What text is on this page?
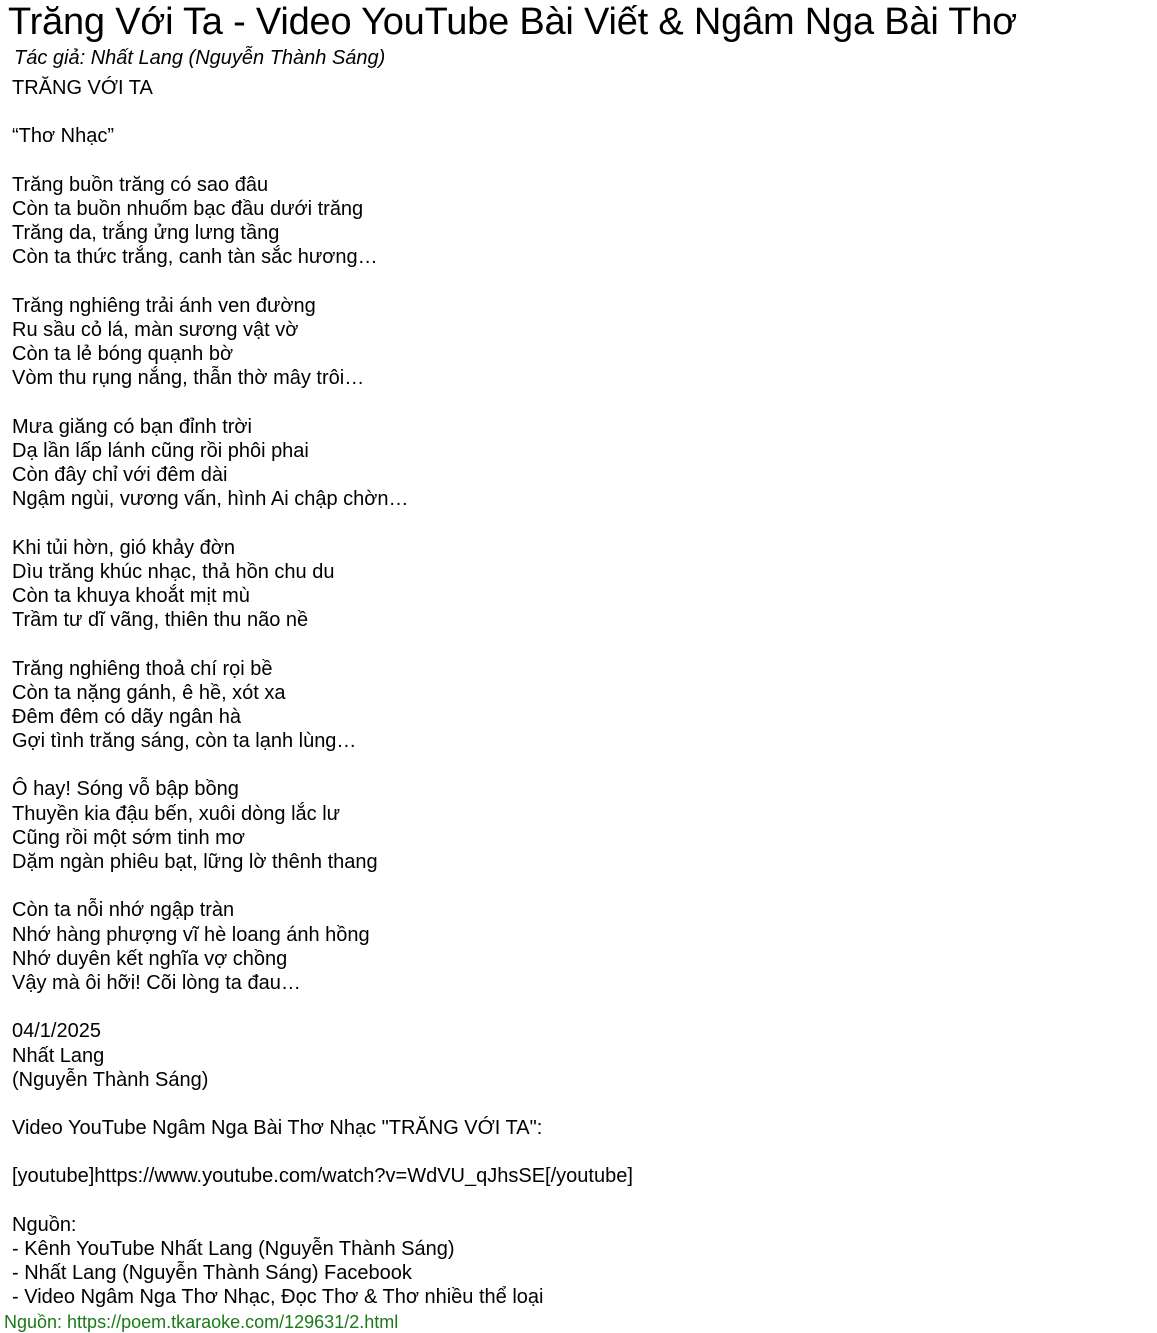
Trăng Với Ta - Video YouTube Bài Viết & Ngâm Nga Bài Thơ
Tác giả: Nhất Lang (Nguyễn Thành Sáng)
TRĂNG VỚI TA
“Thơ Nhạc”
Trăng buồn trăng có sao đâu
Còn ta buồn nhuốm bạc đầu dưới trăng
Trăng da, trắng ửng lưng tầng
Còn ta thức trắng, canh tàn sắc hương…
Trăng nghiêng trải ánh ven đường
Ru sầu cỏ lá, màn sương vật vờ
Còn ta lẻ bóng quạnh bờ
Vòm thu rụng nắng, thẫn thờ mây trôi…
Mưa giăng có bạn đỉnh trời
Dạ lần lấp lánh cũng rồi phôi phai
Còn đây chỉ với đêm dài
Ngậm ngùi, vương vấn, hình Ai chập chờn…
Khi tủi hờn, gió khảy đờn
Dìu trăng khúc nhạc, thả hồn chu du
Còn ta khuya khoắt mịt mù
Trầm tư dĩ vãng, thiên thu não nề
Trăng nghiêng thoả chí rọi bề
Còn ta nặng gánh, ê hề, xót xa
Đêm đêm có dãy ngân hà
Gợi tình trăng sáng, còn ta lạnh lùng…
Ô hay! Sóng vỗ bập bồng
Thuyền kia đậu bến, xuôi dòng lắc lư
Cũng rồi một sớm tinh mơ
Dặm ngàn phiêu bạt, lững lờ thênh thang
Còn ta nỗi nhớ ngập tràn
Nhớ hàng phượng vĩ hè loang ánh hồng
Nhớ duyên kết nghĩa vợ chồng
Vậy mà ôi hỡi! Cõi lòng ta đau…
04/1/2025
Nhất Lang
(Nguyễn Thành Sáng)
Video YouTube Ngâm Nga Bài Thơ Nhạc "TRĂNG VỚI TA":
[youtube]https://www.youtube.com/watch?v=WdVU_qJhsSE[/youtube]
Nguồn:
- Kênh YouTube Nhất Lang (Nguyễn Thành Sáng)
- Nhất Lang (Nguyễn Thành Sáng) Facebook
- Video Ngâm Nga Thơ Nhạc, Đọc Thơ & Thơ nhiều thể loại
Nguồn: https://poem.tkaraoke.com/129631/2.html
